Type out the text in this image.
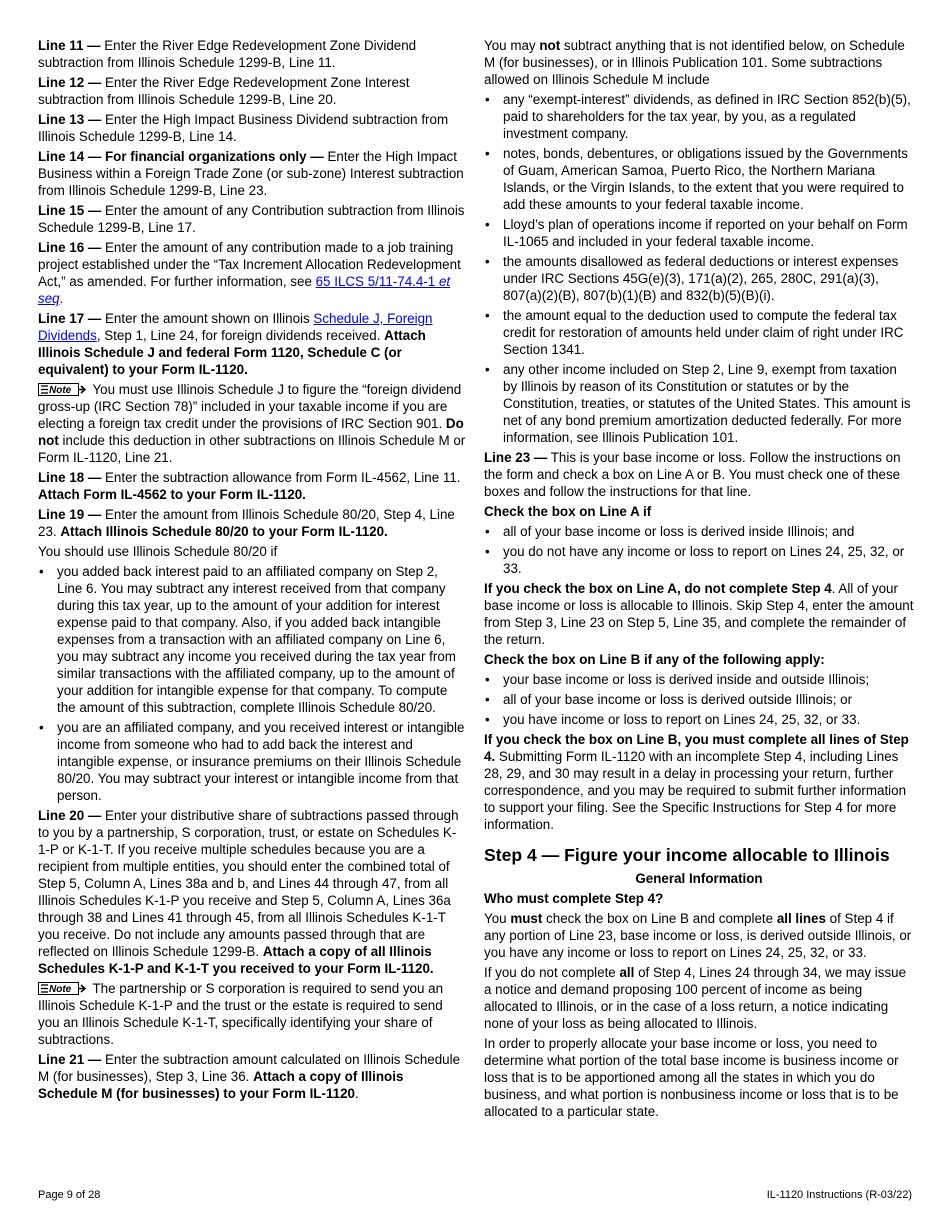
Line 11 — Enter the River Edge Redevelopment Zone Dividend subtraction from Illinois Schedule 1299-B, Line 11.

Line 12 — Enter the River Edge Redevelopment Zone Interest subtraction from Illinois Schedule 1299-B, Line 20.

Line 13 — Enter the High Impact Business Dividend subtraction from Illinois Schedule 1299-B, Line 14.

Line 14 — For financial organizations only — Enter the High Impact Business within a Foreign Trade Zone (or sub-zone) Interest subtraction from Illinois Schedule 1299-B, Line 23.

Line 15 — Enter the amount of any Contribution subtraction from Illinois Schedule 1299-B, Line 17.

Line 16 — Enter the amount of any contribution made to a job training project established under the “Tax Increment Allocation Redevelopment Act,” as amended. For further information, see 65 ILCS 5/11-74.4-1 et seq.

Line 17 — Enter the amount shown on Illinois Schedule J, Foreign Dividends, Step 1, Line 24, for foreign dividends received. Attach Illinois Schedule J and federal Form 1120, Schedule C (or equivalent) to your Form IL-1120.

Note You must use Illinois Schedule J to figure the “foreign dividend gross-up (IRC Section 78)” included in your taxable income if you are electing a foreign tax credit under the provisions of IRC Section 901. Do not include this deduction in other subtractions on Illinois Schedule M or Form IL-1120, Line 21.

Line 18 — Enter the subtraction allowance from Form IL-4562, Line 11. Attach Form IL-4562 to your Form IL-1120.

Line 19 — Enter the amount from Illinois Schedule 80/20, Step 4, Line 23. Attach Illinois Schedule 80/20 to your Form IL-1120.

You should use Illinois Schedule 80/20 if

• you added back interest paid to an affiliated company on Step 2, Line 6. You may subtract any interest received from that company during this tax year, up to the amount of your addition for interest expense paid to that company. Also, if you added back intangible expenses from a transaction with an affiliated company on Line 6, you may subtract any income you received during the tax year from similar transactions with the affiliated company, up to the amount of your addition for intangible expense for that company. To compute the amount of this subtraction, complete Illinois Schedule 80/20.
• you are an affiliated company, and you received interest or intangible income from someone who had to add back the interest and intangible expense, or insurance premiums on their Illinois Schedule 80/20. You may subtract your interest or intangible income from that person.

Line 20 — Enter your distributive share of subtractions passed through to you by a partnership, S corporation, trust, or estate on Schedules K-1-P or K-1-T. If you receive multiple schedules because you are a recipient from multiple entities, you should enter the combined total of Step 5, Column A, Lines 38a and b, and Lines 44 through 47, from all Illinois Schedules K-1-P you receive and Step 5, Column A, Lines 36a through 38 and Lines 41 through 45, from all Illinois Schedules K-1-T you receive. Do not include any amounts passed through that are reflected on Illinois Schedule 1299-B. Attach a copy of all Illinois Schedules K-1-P and K-1-T you received to your Form IL-1120.

Note The partnership or S corporation is required to send you an Illinois Schedule K-1-P and the trust or the estate is required to send you an Illinois Schedule K-1-T, specifically identifying your share of subtractions.

Line 21 — Enter the subtraction amount calculated on Illinois Schedule M (for businesses), Step 3, Line 36. Attach a copy of Illinois Schedule M (for businesses) to your Form IL-1120.

You may not subtract anything that is not identified below, on Schedule M (for businesses), or in Illinois Publication 101. Some subtractions allowed on Illinois Schedule M include

• any “exempt-interest” dividends, as defined in IRC Section 852(b)(5), paid to shareholders for the tax year, by you, as a regulated investment company.
• notes, bonds, debentures, or obligations issued by the Governments of Guam, American Samoa, Puerto Rico, the Northern Mariana Islands, or the Virgin Islands, to the extent that you were required to add these amounts to your federal taxable income.
• Lloyd’s plan of operations income if reported on your behalf on Form IL-1065 and included in your federal taxable income.
• the amounts disallowed as federal deductions or interest expenses under IRC Sections 45G(e)(3), 171(a)(2), 265, 280C, 291(a)(3), 807(a)(2)(B), 807(b)(1)(B) and 832(b)(5)(B)(i).
• the amount equal to the deduction used to compute the federal tax credit for restoration of amounts held under claim of right under IRC Section 1341.
• any other income included on Step 2, Line 9, exempt from taxation by Illinois by reason of its Constitution or statutes or by the Constitution, treaties, or statutes of the United States. This amount is net of any bond premium amortization deducted federally. For more information, see Illinois Publication 101.

Line 23 — This is your base income or loss. Follow the instructions on the form and check a box on Line A or B. You must check one of these boxes and follow the instructions for that line.

Check the box on Line A if

• all of your base income or loss is derived inside Illinois; and
• you do not have any income or loss to report on Lines 24, 25, 32, or 33.

If you check the box on Line A, do not complete Step 4. All of your base income or loss is allocable to Illinois. Skip Step 4, enter the amount from Step 3, Line 23 on Step 5, Line 35, and complete the remainder of the return.

Check the box on Line B if any of the following apply:

• your base income or loss is derived inside and outside Illinois;
• all of your base income or loss is derived outside Illinois; or
• you have income or loss to report on Lines 24, 25, 32, or 33.

If you check the box on Line B, you must complete all lines of Step 4. Submitting Form IL-1120 with an incomplete Step 4, including Lines 28, 29, and 30 may result in a delay in processing your return, further correspondence, and you may be required to submit further information to support your filing. See the Specific Instructions for Step 4 for more information.

Step 4 — Figure your income allocable to Illinois
General Information

Who must complete Step 4?

You must check the box on Line B and complete all lines of Step 4 if any portion of Line 23, base income or loss, is derived outside Illinois, or you have any income or loss to report on Lines 24, 25, 32, or 33.

If you do not complete all of Step 4, Lines 24 through 34, we may issue a notice and demand proposing 100 percent of income as being allocated to Illinois, or in the case of a loss return, a notice indicating none of your loss as being allocated to Illinois.

In order to properly allocate your base income or loss, you need to determine what portion of the total base income is business income or loss that is to be apportioned among all the states in which you do business, and what portion is nonbusiness income or loss that is to be allocated to a particular state.

Page 9 of 28	IL-1120 Instructions (R-03/22)
